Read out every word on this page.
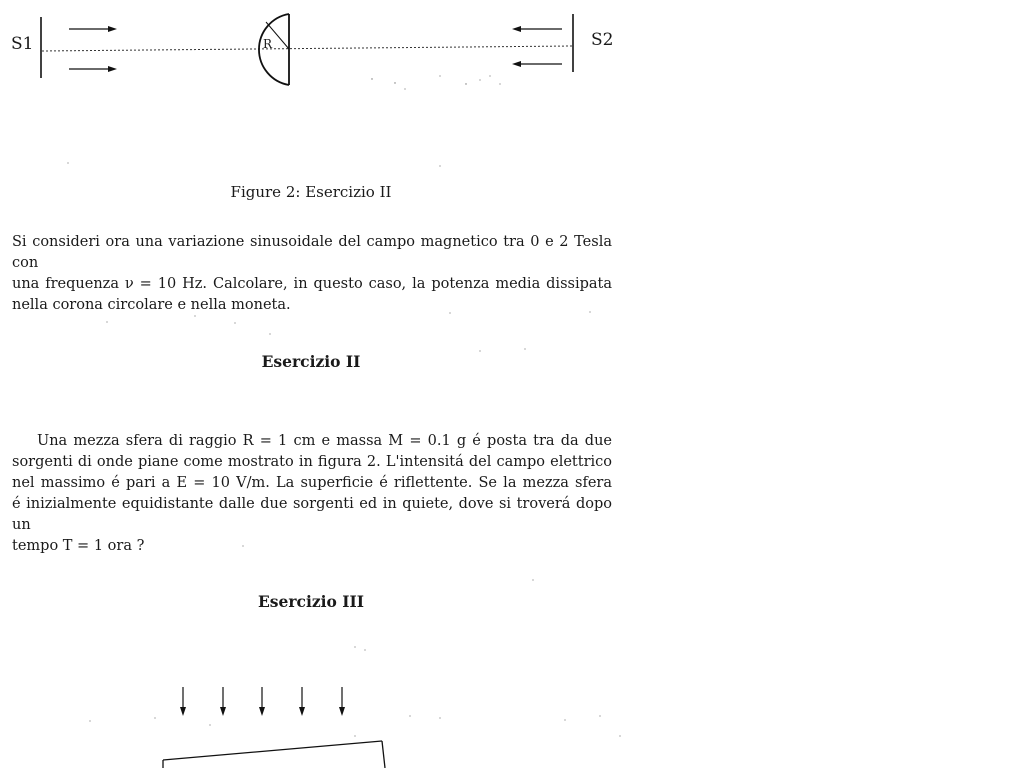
S1	S2
R
Figure 2: Esercizio II
Si consideri ora una variazione sinusoidale del campo magnetico tra 0 e 2 Tesla con
una frequenza ν = 10 Hz. Calcolare, in questo caso, la potenza media dissipata
nella corona circolare e nella moneta.
Esercizio II
Una mezza sfera di raggio R = 1 cm e massa M = 0.1 g é posta tra da due
sorgenti di onde piane come mostrato in figura 2. L'intensitá del campo elettrico
nel massimo é pari a E = 10 V/m. La superficie é riflettente. Se la mezza sfera
é inizialmente equidistante dalle due sorgenti ed in quiete, dove si troverá dopo un
tempo T = 1 ora ?
Esercizio III
